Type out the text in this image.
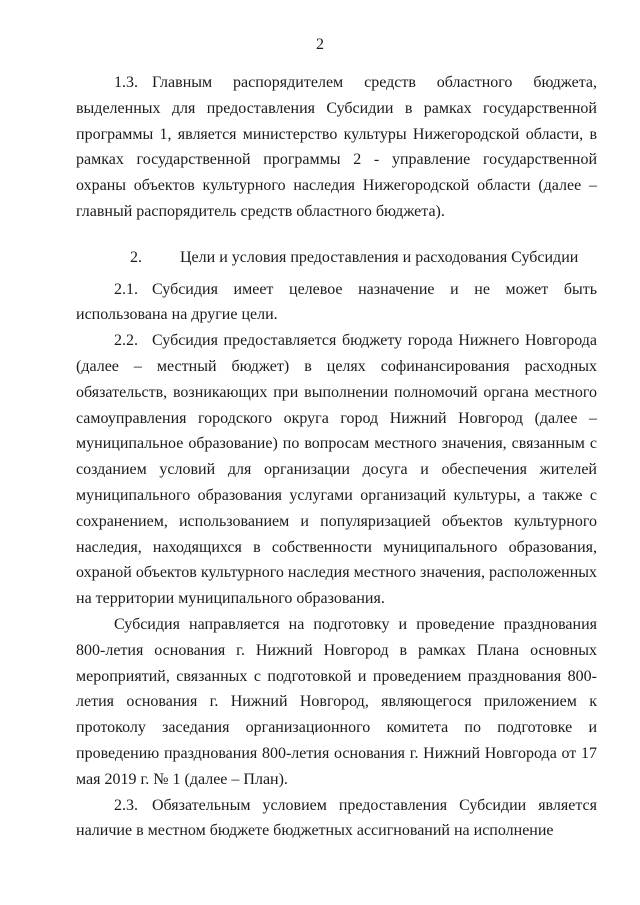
2

1.3. Главным распорядителем средств областного бюджета, выделенных для предоставления Субсидии в рамках государственной программы 1, является министерство культуры Нижегородской области, в рамках государственной программы 2 - управление государственной охраны объектов культурного наследия Нижегородской области (далее – главный распорядитель средств областного бюджета).

2. Цели и условия предоставления и расходования Субсидии

2.1. Субсидия имеет целевое назначение и не может быть использована на другие цели.

2.2. Субсидия предоставляется бюджету города Нижнего Новгорода (далее – местный бюджет) в целях софинансирования расходных обязательств, возникающих при выполнении полномочий органа местного самоуправления городского округа город Нижний Новгород (далее – муниципальное образование) по вопросам местного значения, связанным с созданием условий для организации досуга и обеспечения жителей муниципального образования услугами организаций культуры, а также с сохранением, использованием и популяризацией объектов культурного наследия, находящихся в собственности муниципального образования, охраной объектов культурного наследия местного значения, расположенных на территории муниципального образования.

Субсидия направляется на подготовку и проведение празднования 800-летия основания г. Нижний Новгород в рамках Плана основных мероприятий, связанных с подготовкой и проведением празднования 800-летия основания г. Нижний Новгород, являющегося приложением к протоколу заседания организационного комитета по подготовке и проведению празднования 800-летия основания г. Нижний Новгорода от 17 мая 2019 г. № 1 (далее – План).

2.3. Обязательным условием предоставления Субсидии является наличие в местном бюджете бюджетных ассигнований на исполнение
